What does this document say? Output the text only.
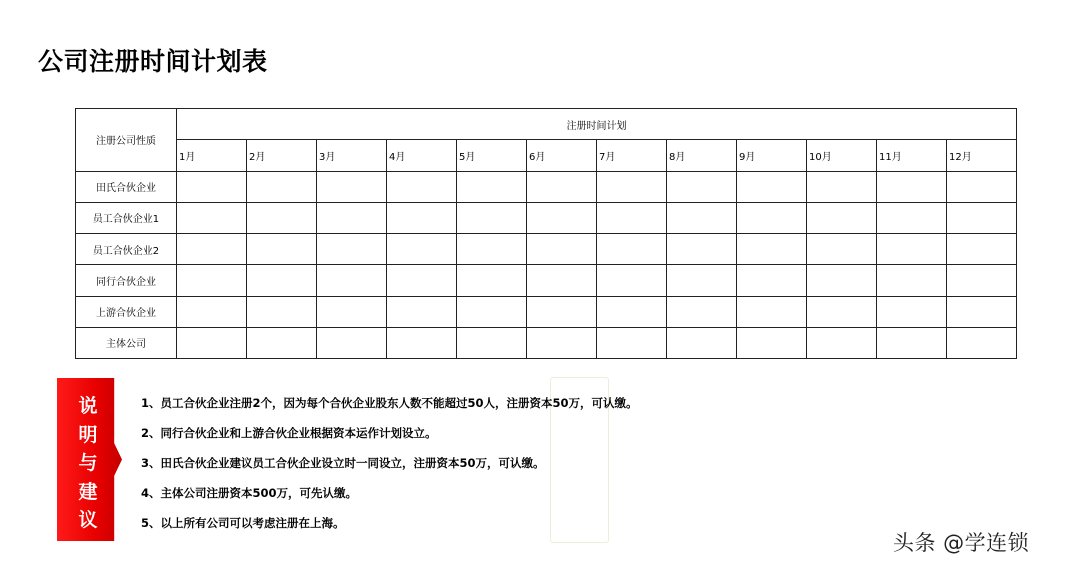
公司注册时间计划表
注册公司性质	注册时间计划											
	1月	2月	3月	4月	5月	6月	7月	8月	9月	10月	11月	12月
田氏合伙企业												
员工合伙企业1												
员工合伙企业2												
同行合伙企业												
上游合伙企业												
主体公司												
说
明
与
建
议
1、员工合伙企业注册2个，因为每个合伙企业股东人数不能超过50人，注册资本50万，可认缴。
2、同行合伙企业和上游合伙企业根据资本运作计划设立。
3、田氏合伙企业建议员工合伙企业设立时一同设立，注册资本50万，可认缴。
4、主体公司注册资本500万，可先认缴。
5、以上所有公司可以考虑注册在上海。
头条 @学连锁
